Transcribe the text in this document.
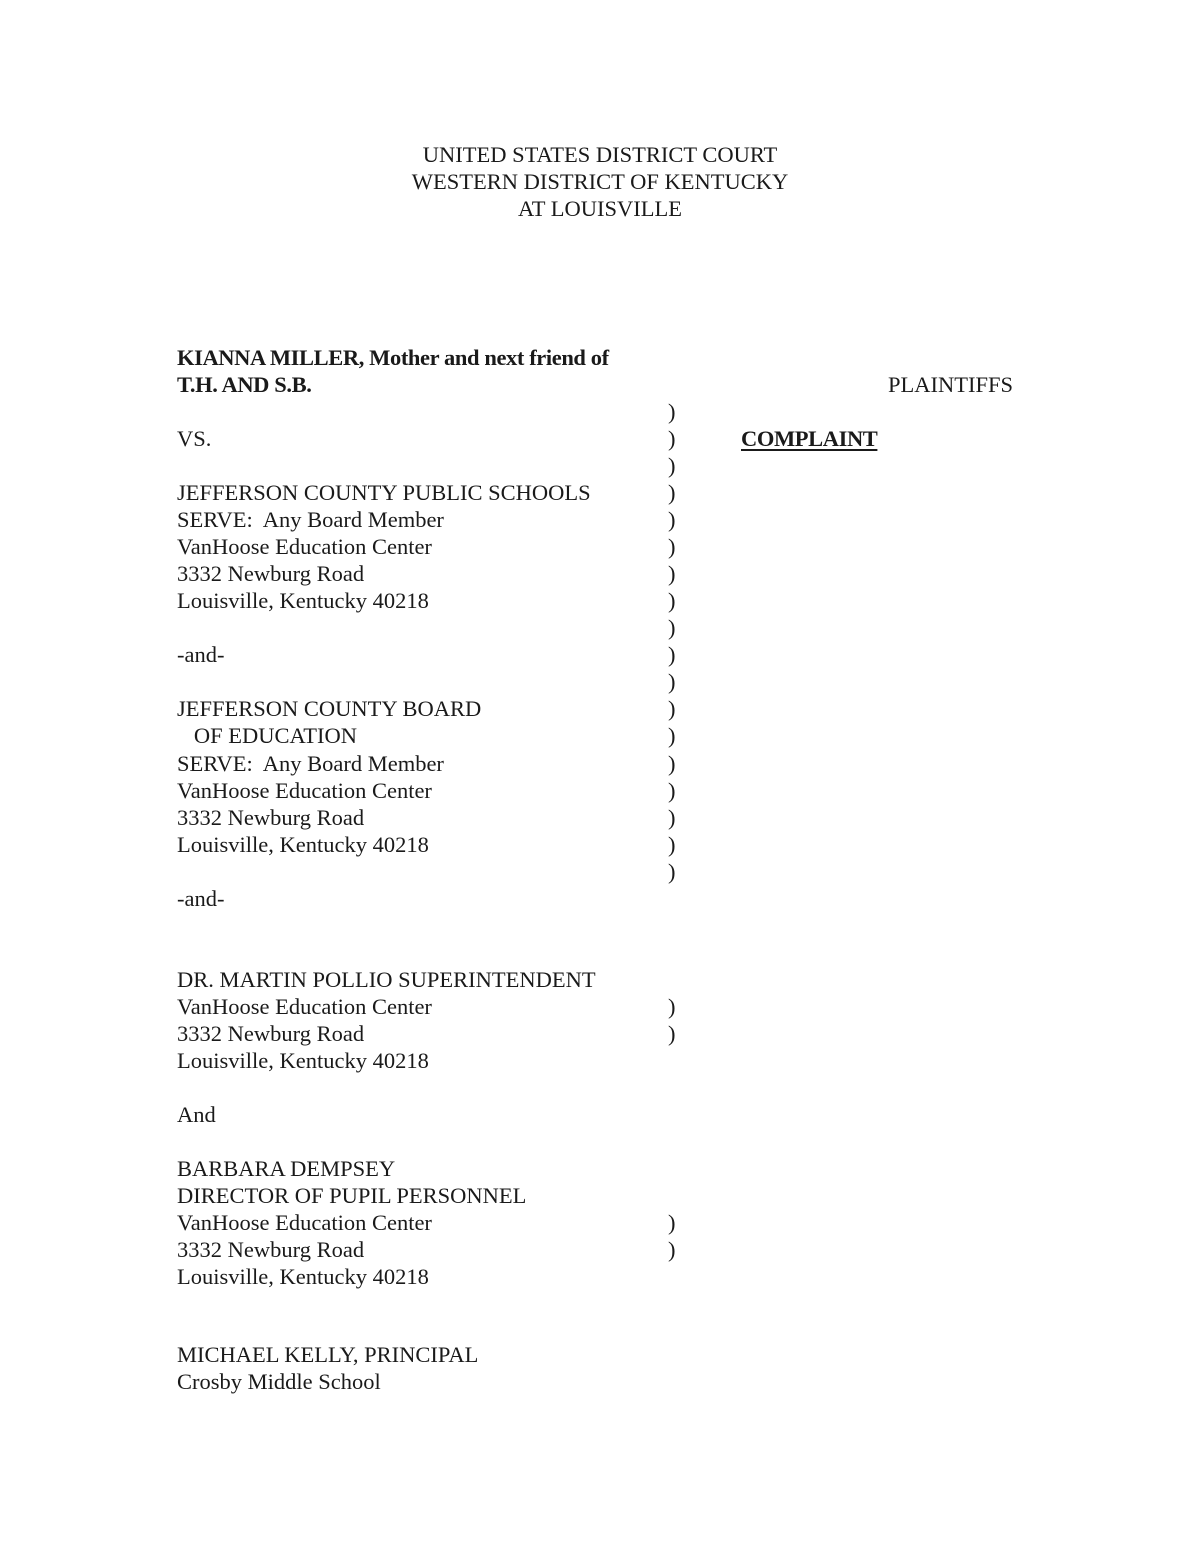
UNITED STATES DISTRICT COURT
WESTERN DISTRICT OF KENTUCKY
AT LOUISVILLE
KIANNA MILLER, Mother and next friend of
T.H. AND S.B.	PLAINTIFFS
VS.	COMPLAINT
JEFFERSON COUNTY PUBLIC SCHOOLS
SERVE:  Any Board Member
VanHoose Education Center
3332 Newburg Road
Louisville, Kentucky 40218
-and-
JEFFERSON COUNTY BOARD
OF EDUCATION
SERVE:  Any Board Member
VanHoose Education Center
3332 Newburg Road
Louisville, Kentucky 40218
-and-
DR. MARTIN POLLIO SUPERINTENDENT
VanHoose Education Center
3332 Newburg Road
Louisville, Kentucky 40218
And
BARBARA DEMPSEY
DIRECTOR OF PUPIL PERSONNEL
VanHoose Education Center
3332 Newburg Road
Louisville, Kentucky 40218
MICHAEL KELLY, PRINCIPAL
Crosby Middle School
)
)
)
)
)
)
)
)
)
)
)
)
)
)
)
)
)
)
)
)
)
)
